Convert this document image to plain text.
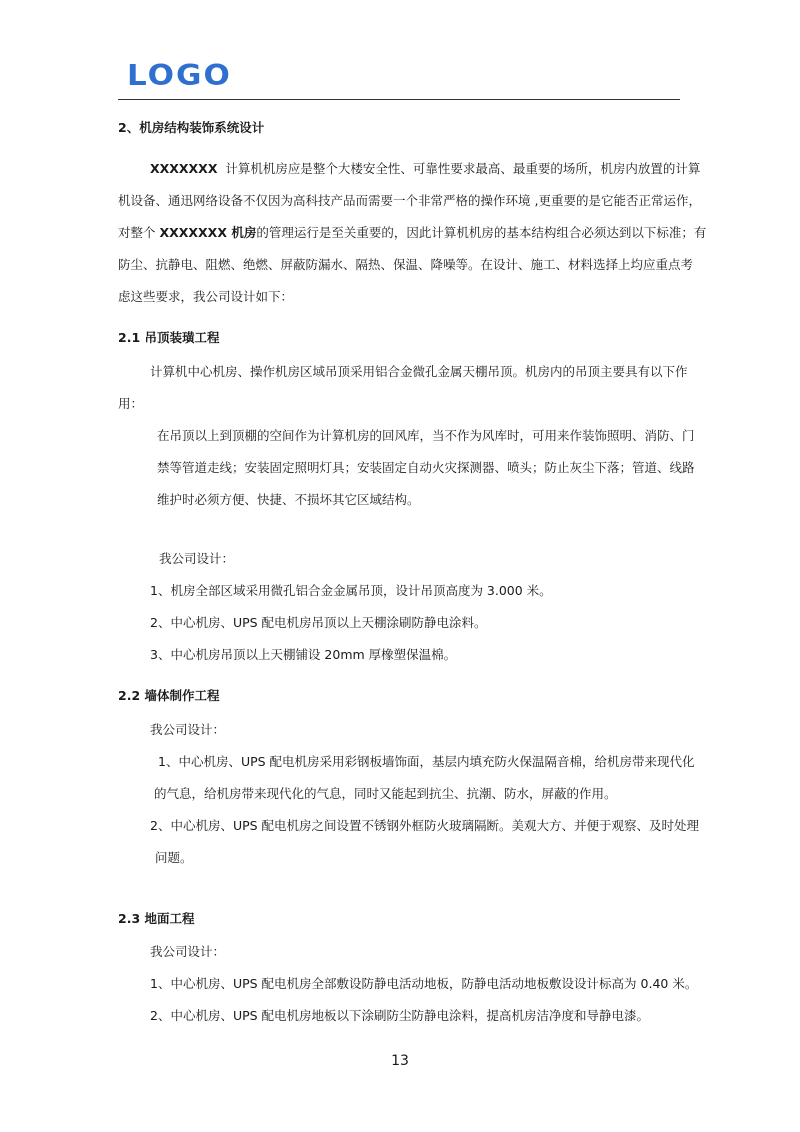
LOGO
2、机房结构装饰系统设计
XXXXXXX 计算机机房应是整个大楼安全性、可靠性要求最高、最重要的场所，机房内放置的计算
机设备、通迅网络设备不仅因为高科技产品而需要一个非常严格的操作环境 ,更重要的是它能否正常运作，
对整个 XXXXXXX 机房的管理运行是至关重要的，因此计算机机房的基本结构组合必须达到以下标准；有
防尘、抗静电、阻燃、绝燃、屏蔽防漏水、隔热、保温、降噪等。在设计、施工、材料选择上均应重点考
虑这些要求，我公司设计如下：
2.1 吊顶装璜工程
计算机中心机房、操作机房区域吊顶采用铝合金微孔金属天棚吊顶。机房内的吊顶主要具有以下作
用：
在吊顶以上到顶棚的空间作为计算机房的回风库，当不作为风库时，可用来作装饰照明、消防、门
禁等管道走线；安装固定照明灯具；安装固定自动火灾探测器、喷头；防止灰尘下落；管道、线路
维护时必须方便、快捷、不损坏其它区域结构。
我公司设计：
1、机房全部区域采用微孔铝合金金属吊顶，设计吊顶高度为 3.000 米。
2、中心机房、UPS 配电机房吊顶以上天棚涂刷防静电涂料。
3、中心机房吊顶以上天棚铺设 20mm 厚橡塑保温棉。
2.2 墙体制作工程
我公司设计：
1、中心机房、UPS 配电机房采用彩钢板墙饰面，基层内填充防火保温隔音棉，给机房带来现代化
的气息，给机房带来现代化的气息，同时又能起到抗尘、抗潮、防水，屏蔽的作用。
2、中心机房、UPS 配电机房之间设置不锈钢外框防火玻璃隔断。美观大方、并便于观察、及时处理
问题。
2.3 地面工程
我公司设计：
1、中心机房、UPS 配电机房全部敷设防静电活动地板，防静电活动地板敷设设计标高为 0.40 米。
2、中心机房、UPS 配电机房地板以下涂刷防尘防静电涂料，提高机房洁净度和导静电漆。
13
